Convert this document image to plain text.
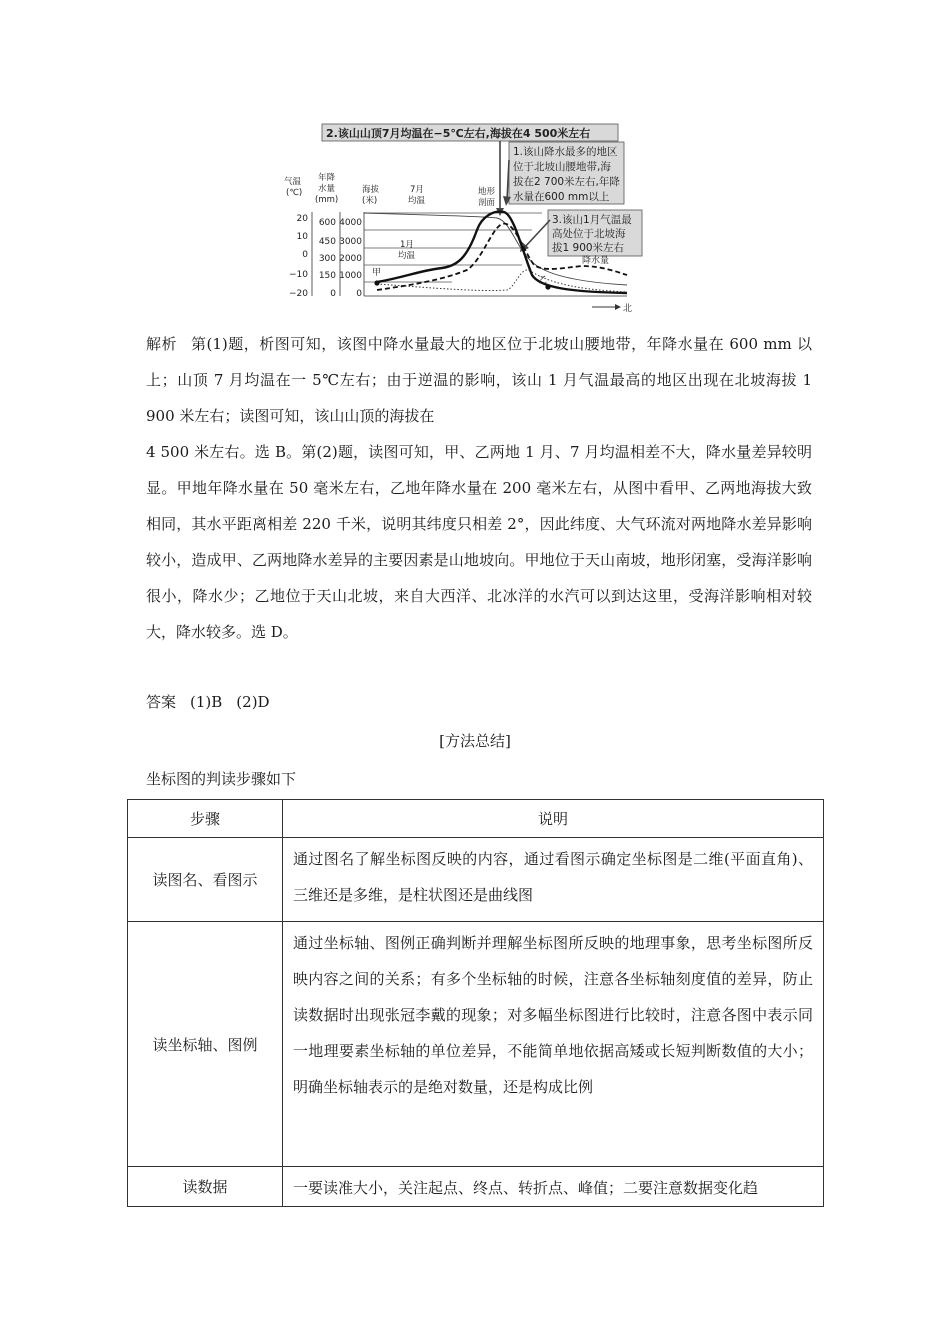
2.该山山顶7月均温在−5℃左右,海拔在4 500米左右
1.该山降水最多的地区 位于北坡山腰地带,海 拔在2 700米左右,年降 水量在600 mm以上
3.该山1月气温最 高处位于北坡海 拔1 900米左右
气温 (℃)
年降 水量 (mm)
海拔 (米)
20
10
0
−10
−20
600
450
300
150
0
4000
3000
2000
1000
0
7月 均温
1月 均温
地形 剖面
甲
乙
降水量
北

解析 第(1)题，析图可知，该图中降水量最大的地区位于北坡山腰地带，年降水量在 600 mm 以上；山顶 7 月均温在一 5℃左右；由于逆温的影响，该山 1 月气温最高的地区出现在北坡海拔 1 900 米左右；读图可知，该山山顶的海拔在

4 500 米左右。选 B。第(2)题，读图可知，甲、乙两地 1 月、7 月均温相差不大，降水量差异较明显。甲地年降水量在 50 毫米左右，乙地年降水量在 200 毫米左右，从图中看甲、乙两地海拔大致相同，其水平距离相差 220 千米，说明其纬度只相差 2°，因此纬度、大气环流对两地降水差异影响较小，造成甲、乙两地降水差异的主要因素是山地坡向。甲地位于天山南坡，地形闭塞，受海洋影响很小，降水少；乙地位于天山北坡，来自大西洋、北冰洋的水汽可以到达这里，受海洋影响相对较大，降水较多。选 D。

答案 (1)B (2)D
[方法总结]
坐标图的判读步骤如下
步骤	说明
读图名、看图示	通过图名了解坐标图反映的内容，通过看图示确定坐标图是二维(平面直角)、三维还是多维，是柱状图还是曲线图
读坐标轴、图例	通过坐标轴、图例正确判断并理解坐标图所反映的地理事象，思考坐标图所反映内容之间的关系；有多个坐标轴的时候，注意各坐标轴刻度值的差异，防止读数据时出现张冠李戴的现象；对多幅坐标图进行比较时，注意各图中表示同一地理要素坐标轴的单位差异，不能简单地依据高矮或长短判断数值的大小；明确坐标轴表示的是绝对数量，还是构成比例
读数据	一要读准大小，关注起点、终点、转折点、峰值；二要注意数据变化趋
